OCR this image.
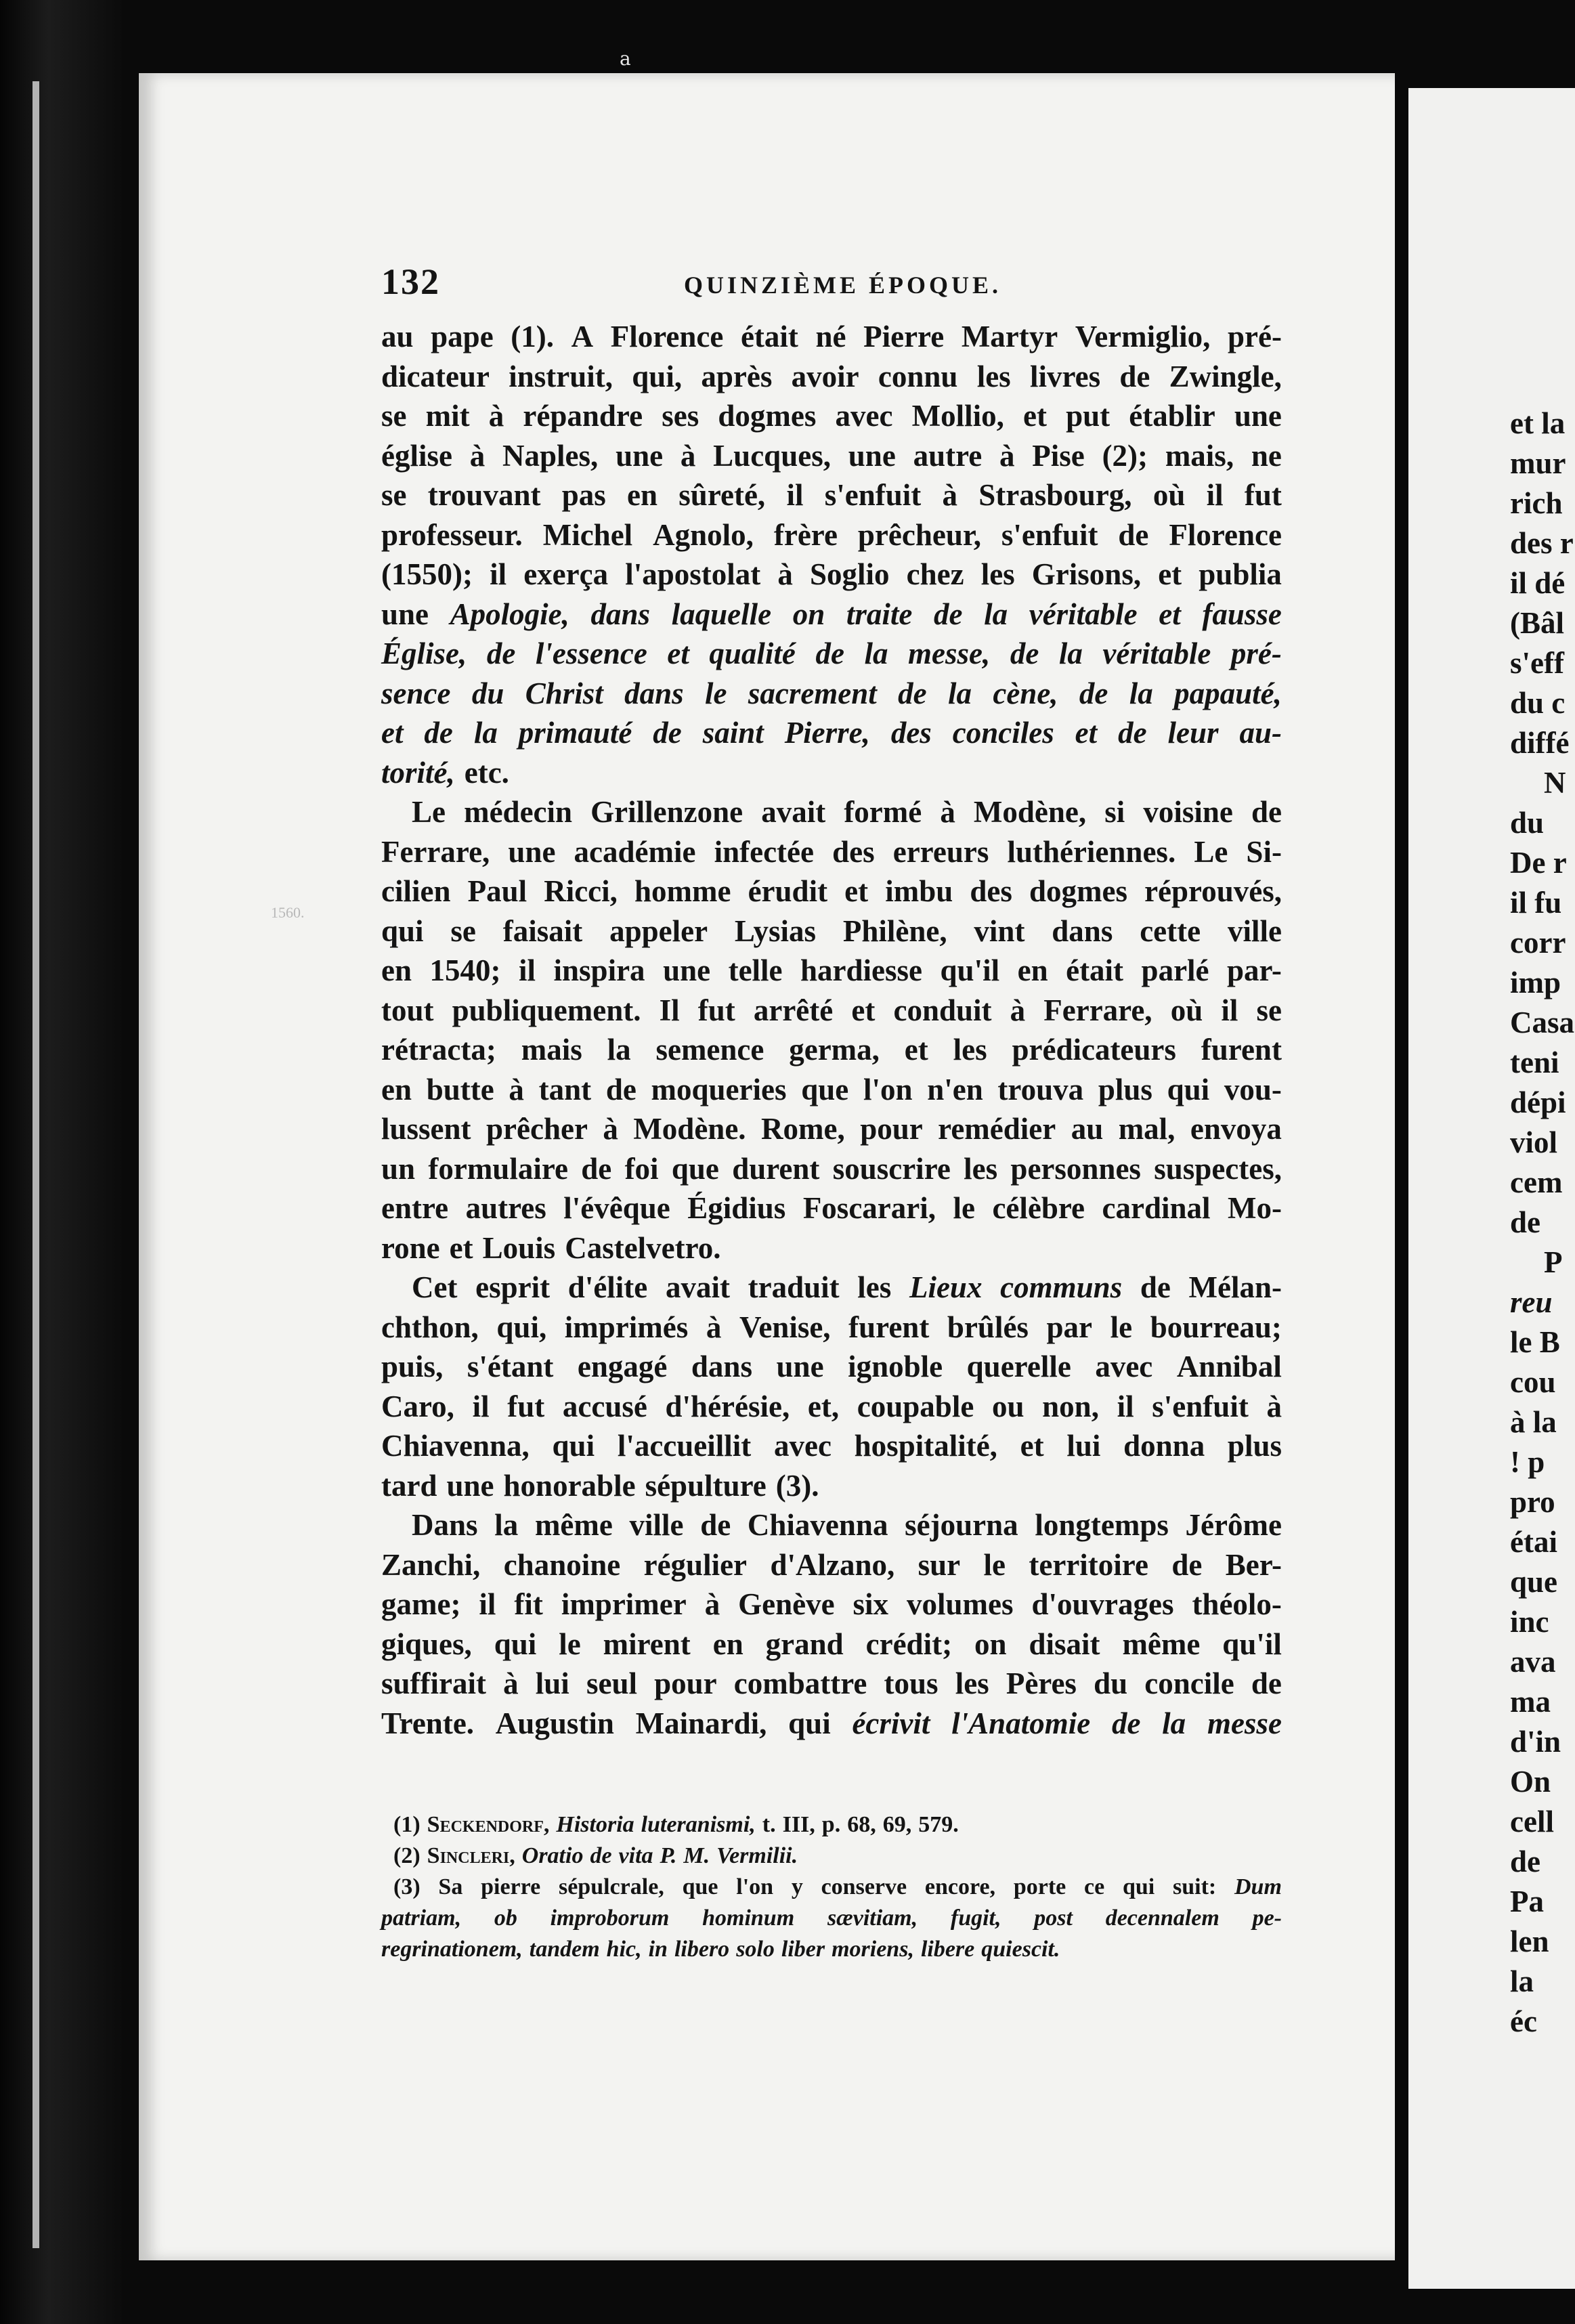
a
et la
mur
rich
des r
il dé
(Bâl
s'eff
du c
diffé
N
du
De r
il fu
corr
imp
Casa
teni
dépi
viol
cem
de
P
reu
le B
cou
à la
! p
pro
étai
que
inc
ava
ma
d'in
On
cell
de
Pa
len
la
éc
1560.
132	QUINZIÈME ÉPOQUE.
au pape (1). A Florence était né Pierre Martyr Vermiglio, pré-
dicateur instruit, qui, après avoir connu les livres de Zwingle,
se mit à répandre ses dogmes avec Mollio, et put établir une
église à Naples, une à Lucques, une autre à Pise (2); mais, ne
se trouvant pas en sûreté, il s'enfuit à Strasbourg, où il fut
professeur. Michel Agnolo, frère prêcheur, s'enfuit de Florence
(1550); il exerça l'apostolat à Soglio chez les Grisons, et publia
une Apologie, dans laquelle on traite de la véritable et fausse
Église, de l'essence et qualité de la messe, de la véritable pré-
sence du Christ dans le sacrement de la cène, de la papauté,
et de la primauté de saint Pierre, des conciles et de leur au-
torité, etc.
Le médecin Grillenzone avait formé à Modène, si voisine de
Ferrare, une académie infectée des erreurs luthériennes. Le Si-
cilien Paul Ricci, homme érudit et imbu des dogmes réprouvés,
qui se faisait appeler Lysias Philène, vint dans cette ville
en 1540; il inspira une telle hardiesse qu'il en était parlé par-
tout publiquement. Il fut arrêté et conduit à Ferrare, où il se
rétracta; mais la semence germa, et les prédicateurs furent
en butte à tant de moqueries que l'on n'en trouva plus qui vou-
lussent prêcher à Modène. Rome, pour remédier au mal, envoya
un formulaire de foi que durent souscrire les personnes suspectes,
entre autres l'évêque Égidius Foscarari, le célèbre cardinal Mo-
rone et Louis Castelvetro.
Cet esprit d'élite avait traduit les Lieux communs de Mélan-
chthon, qui, imprimés à Venise, furent brûlés par le bourreau;
puis, s'étant engagé dans une ignoble querelle avec Annibal
Caro, il fut accusé d'hérésie, et, coupable ou non, il s'enfuit à
Chiavenna, qui l'accueillit avec hospitalité, et lui donna plus
tard une honorable sépulture (3).
Dans la même ville de Chiavenna séjourna longtemps Jérôme
Zanchi, chanoine régulier d'Alzano, sur le territoire de Ber-
game; il fit imprimer à Genève six volumes d'ouvrages théolo-
giques, qui le mirent en grand crédit; on disait même qu'il
suffirait à lui seul pour combattre tous les Pères du concile de
Trente. Augustin Mainardi, qui écrivit l'Anatomie de la messe
(1) Seckendorf, Historia luteranismi, t. III, p. 68, 69, 579.
(2) Sincleri, Oratio de vita P. M. Vermilii.
(3) Sa pierre sépulcrale, que l'on y conserve encore, porte ce qui suit: Dum
patriam, ob improborum hominum sævitiam, fugit, post decennalem pe-
regrinationem, tandem hic, in libero solo liber moriens, libere quiescit.
